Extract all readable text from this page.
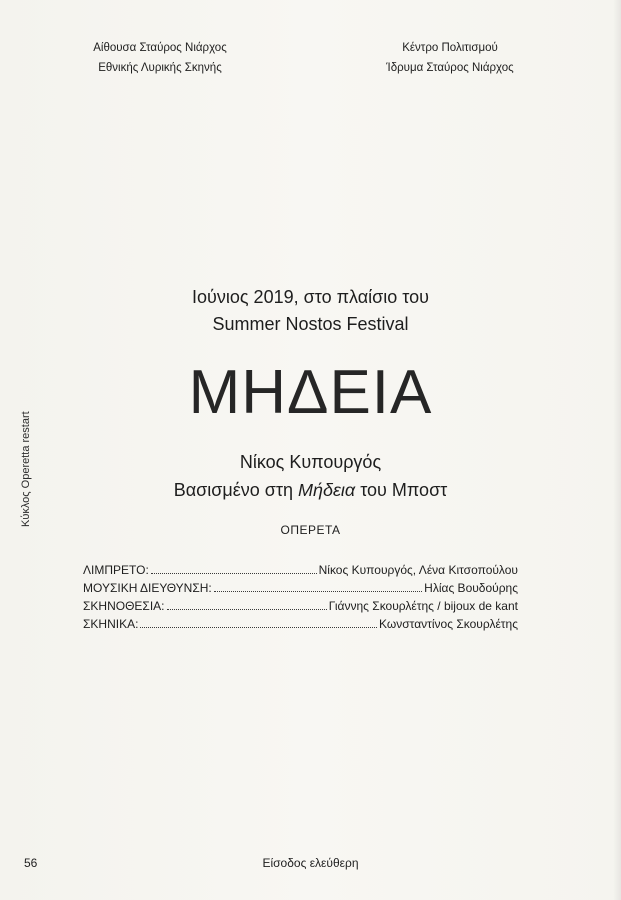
Αίθουσα Σταύρος Νιάρχος
Εθνικής Λυρικής Σκηνής
Κέντρο Πολιτισμού
Ίδρυμα Σταύρος Νιάρχος
Ιούνιος 2019, στο πλαίσιο του
Summer Nostos Festival
ΜΗΔΕΙΑ
Νίκος Κυπουργός
Βασισμένο στη Μήδεια του Μποστ
ΟΠΕΡΕΤΑ
ΛΙΜΠΡΕΤΟ:	Νίκος Κυπουργός, Λένα Κιτσοπούλου
ΜΟΥΣΙΚΗ ΔΙΕΥΘΥΝΣΗ:	Ηλίας Βουδούρης
ΣΚΗΝΟΘΕΣΙΑ:	Γιάννης Σκουρλέτης / bijoux de kant
ΣΚΗΝΙΚΑ:	Κωνσταντίνος Σκουρλέτης
Κύκλος Operetta restart
56	Είσοδος ελεύθερη
